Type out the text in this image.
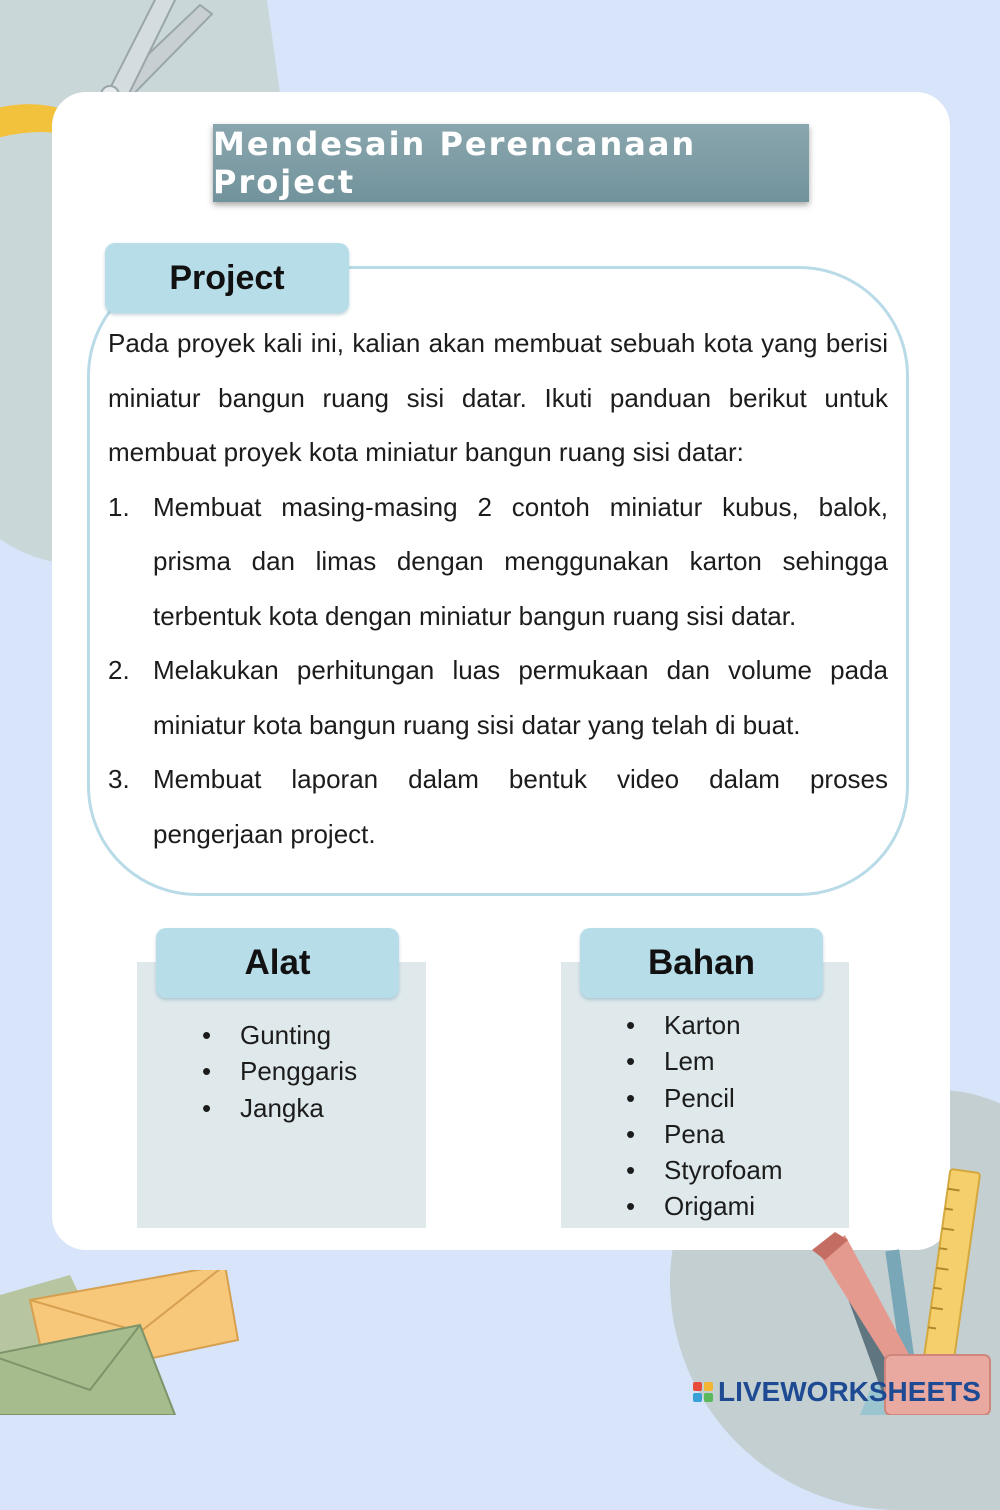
Mendesain Perencanaan Project
Project

Pada proyek kali ini, kalian akan membuat sebuah kota yang berisi miniatur bangun ruang sisi datar. Ikuti panduan berikut untuk membuat proyek kota miniatur bangun ruang sisi datar:

1. Membuat masing-masing 2 contoh miniatur kubus, balok, prisma dan limas dengan menggunakan karton sehingga terbentuk kota dengan miniatur bangun ruang sisi datar.
2. Melakukan perhitungan luas permukaan dan volume pada miniatur kota bangun ruang sisi datar yang telah di buat.
3. Membuat laporan dalam bentuk video dalam proses pengerjaan project.
Alat
• Gunting
• Penggaris
• Jangka
Bahan
• Karton
• Lem
• Pencil
• Pena
• Styrofoam
• Origami
LIVEWORKSHEETS
